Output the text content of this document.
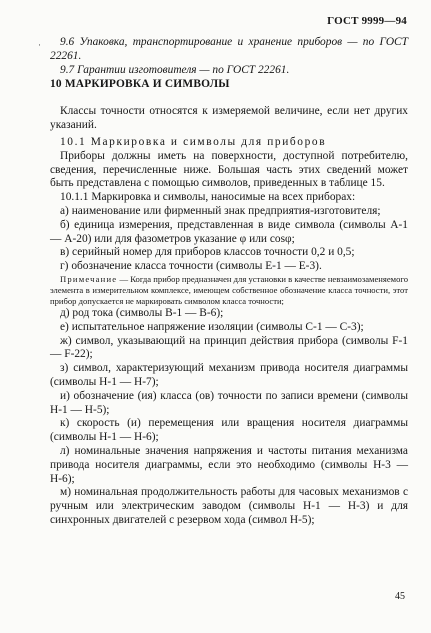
ГОСТ 9999—94

9.6 Упаковка, транспортирование и хранение приборов — по ГОСТ 22261.

9.7 Гарантии изготовителя — по ГОСТ 22261.

10 МАРКИРОВКА И СИМВОЛЫ

Классы точности относятся к измеряемой величине, если нет других указаний.

10.1 Маркировка и символы для приборов

Приборы должны иметь на поверхности, доступной потребителю, сведения, перечисленные ниже. Большая часть этих сведений может быть представлена с помощью символов, приведенных в таблице 15.

10.1.1 Маркировка и символы, наносимые на всех приборах:

а) наименование или фирменный знак предприятия-изготовителя;

б) единица измерения, представленная в виде символа (символы А-1 — А-20) или для фазометров указание φ или cosφ;

в) серийный номер для приборов классов точности 0,2 и 0,5;

г) обозначение класса точности (символы Е-1 — Е-3).

Примечание — Когда прибор предназначен для установки в качестве невзаимозаменяемого элемента в измерительном комплексе, имеющем собственное обозначение класса точности, этот прибор допускается не маркировать символом класса точности;

д) род тока (символы В-1 — В-6);

е) испытательное напряжение изоляции (символы С-1 — С-3);

ж) символ, указывающий на принцип действия прибора (символы F-1 — F-22);

з) символ, характеризующий механизм привода носителя диаграммы (символы Н-1 — Н-7);

и) обозначение (ия) класса (ов) точности по записи времени (символы Н-1 — Н-5);

к) скорость (и) перемещения или вращения носителя диаграммы (символы Н-1 — Н-6);

л) номинальные значения напряжения и частоты питания механизма привода носителя диаграммы, если это необходимо (символы Н-3 — Н-6);

м) номинальная продолжительность работы для часовых механизмов с ручным или электрическим заводом (символы Н-1 — Н-3) и для синхронных двигателей с резервом хода (символ Н-5);

·
45
